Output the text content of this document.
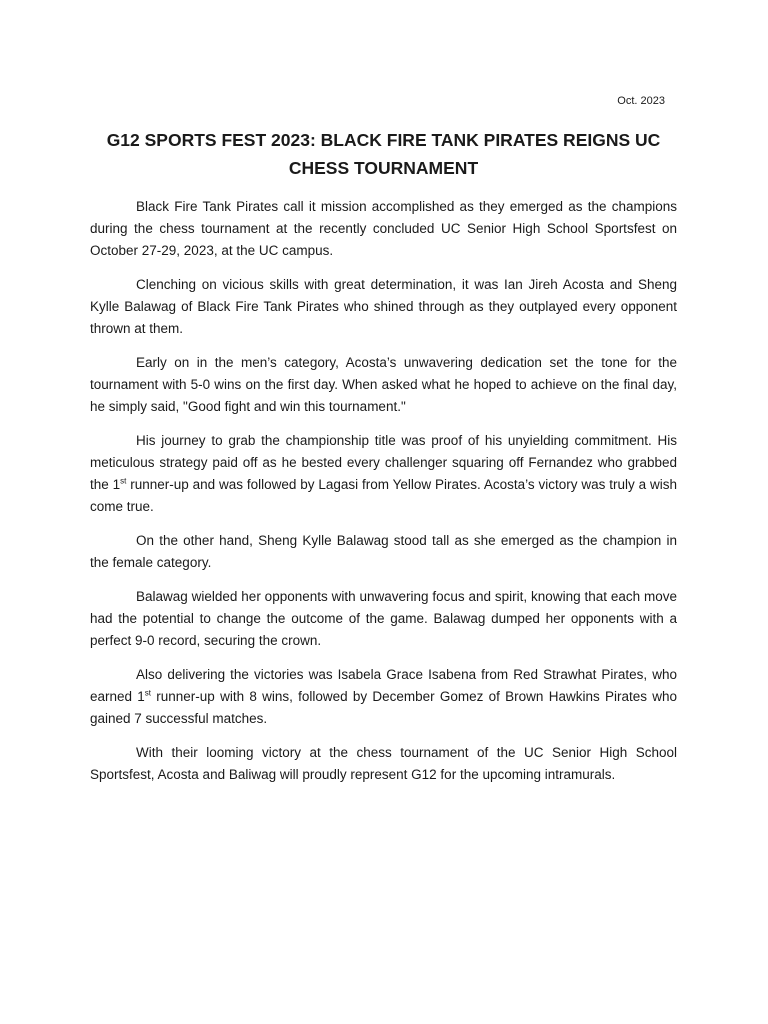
Oct. 2023
G12 SPORTS FEST 2023: BLACK FIRE TANK PIRATES REIGNS UC CHESS TOURNAMENT

Black Fire Tank Pirates call it mission accomplished as they emerged as the champions during the chess tournament at the recently concluded UC Senior High School Sportsfest on October 27-29, 2023, at the UC campus.

Clenching on vicious skills with great determination, it was Ian Jireh Acosta and Sheng Kylle Balawag of Black Fire Tank Pirates who shined through as they outplayed every opponent thrown at them.

Early on in the men’s category, Acosta’s unwavering dedication set the tone for the tournament with 5-0 wins on the first day. When asked what he hoped to achieve on the final day, he simply said, "Good fight and win this tournament."

His journey to grab the championship title was proof of his unyielding commitment. His meticulous strategy paid off as he bested every challenger squaring off Fernandez who grabbed the 1st runner-up and was followed by Lagasi from Yellow Pirates. Acosta’s victory was truly a wish come true.

On the other hand, Sheng Kylle Balawag stood tall as she emerged as the champion in the female category.

Balawag wielded her opponents with unwavering focus and spirit, knowing that each move had the potential to change the outcome of the game. Balawag dumped her opponents with a perfect 9-0 record, securing the crown.

Also delivering the victories was Isabela Grace Isabena from Red Strawhat Pirates, who earned 1st runner-up with 8 wins, followed by December Gomez of Brown Hawkins Pirates who gained 7 successful matches.

With their looming victory at the chess tournament of the UC Senior High School Sportsfest, Acosta and Baliwag will proudly represent G12 for the upcoming intramurals.
